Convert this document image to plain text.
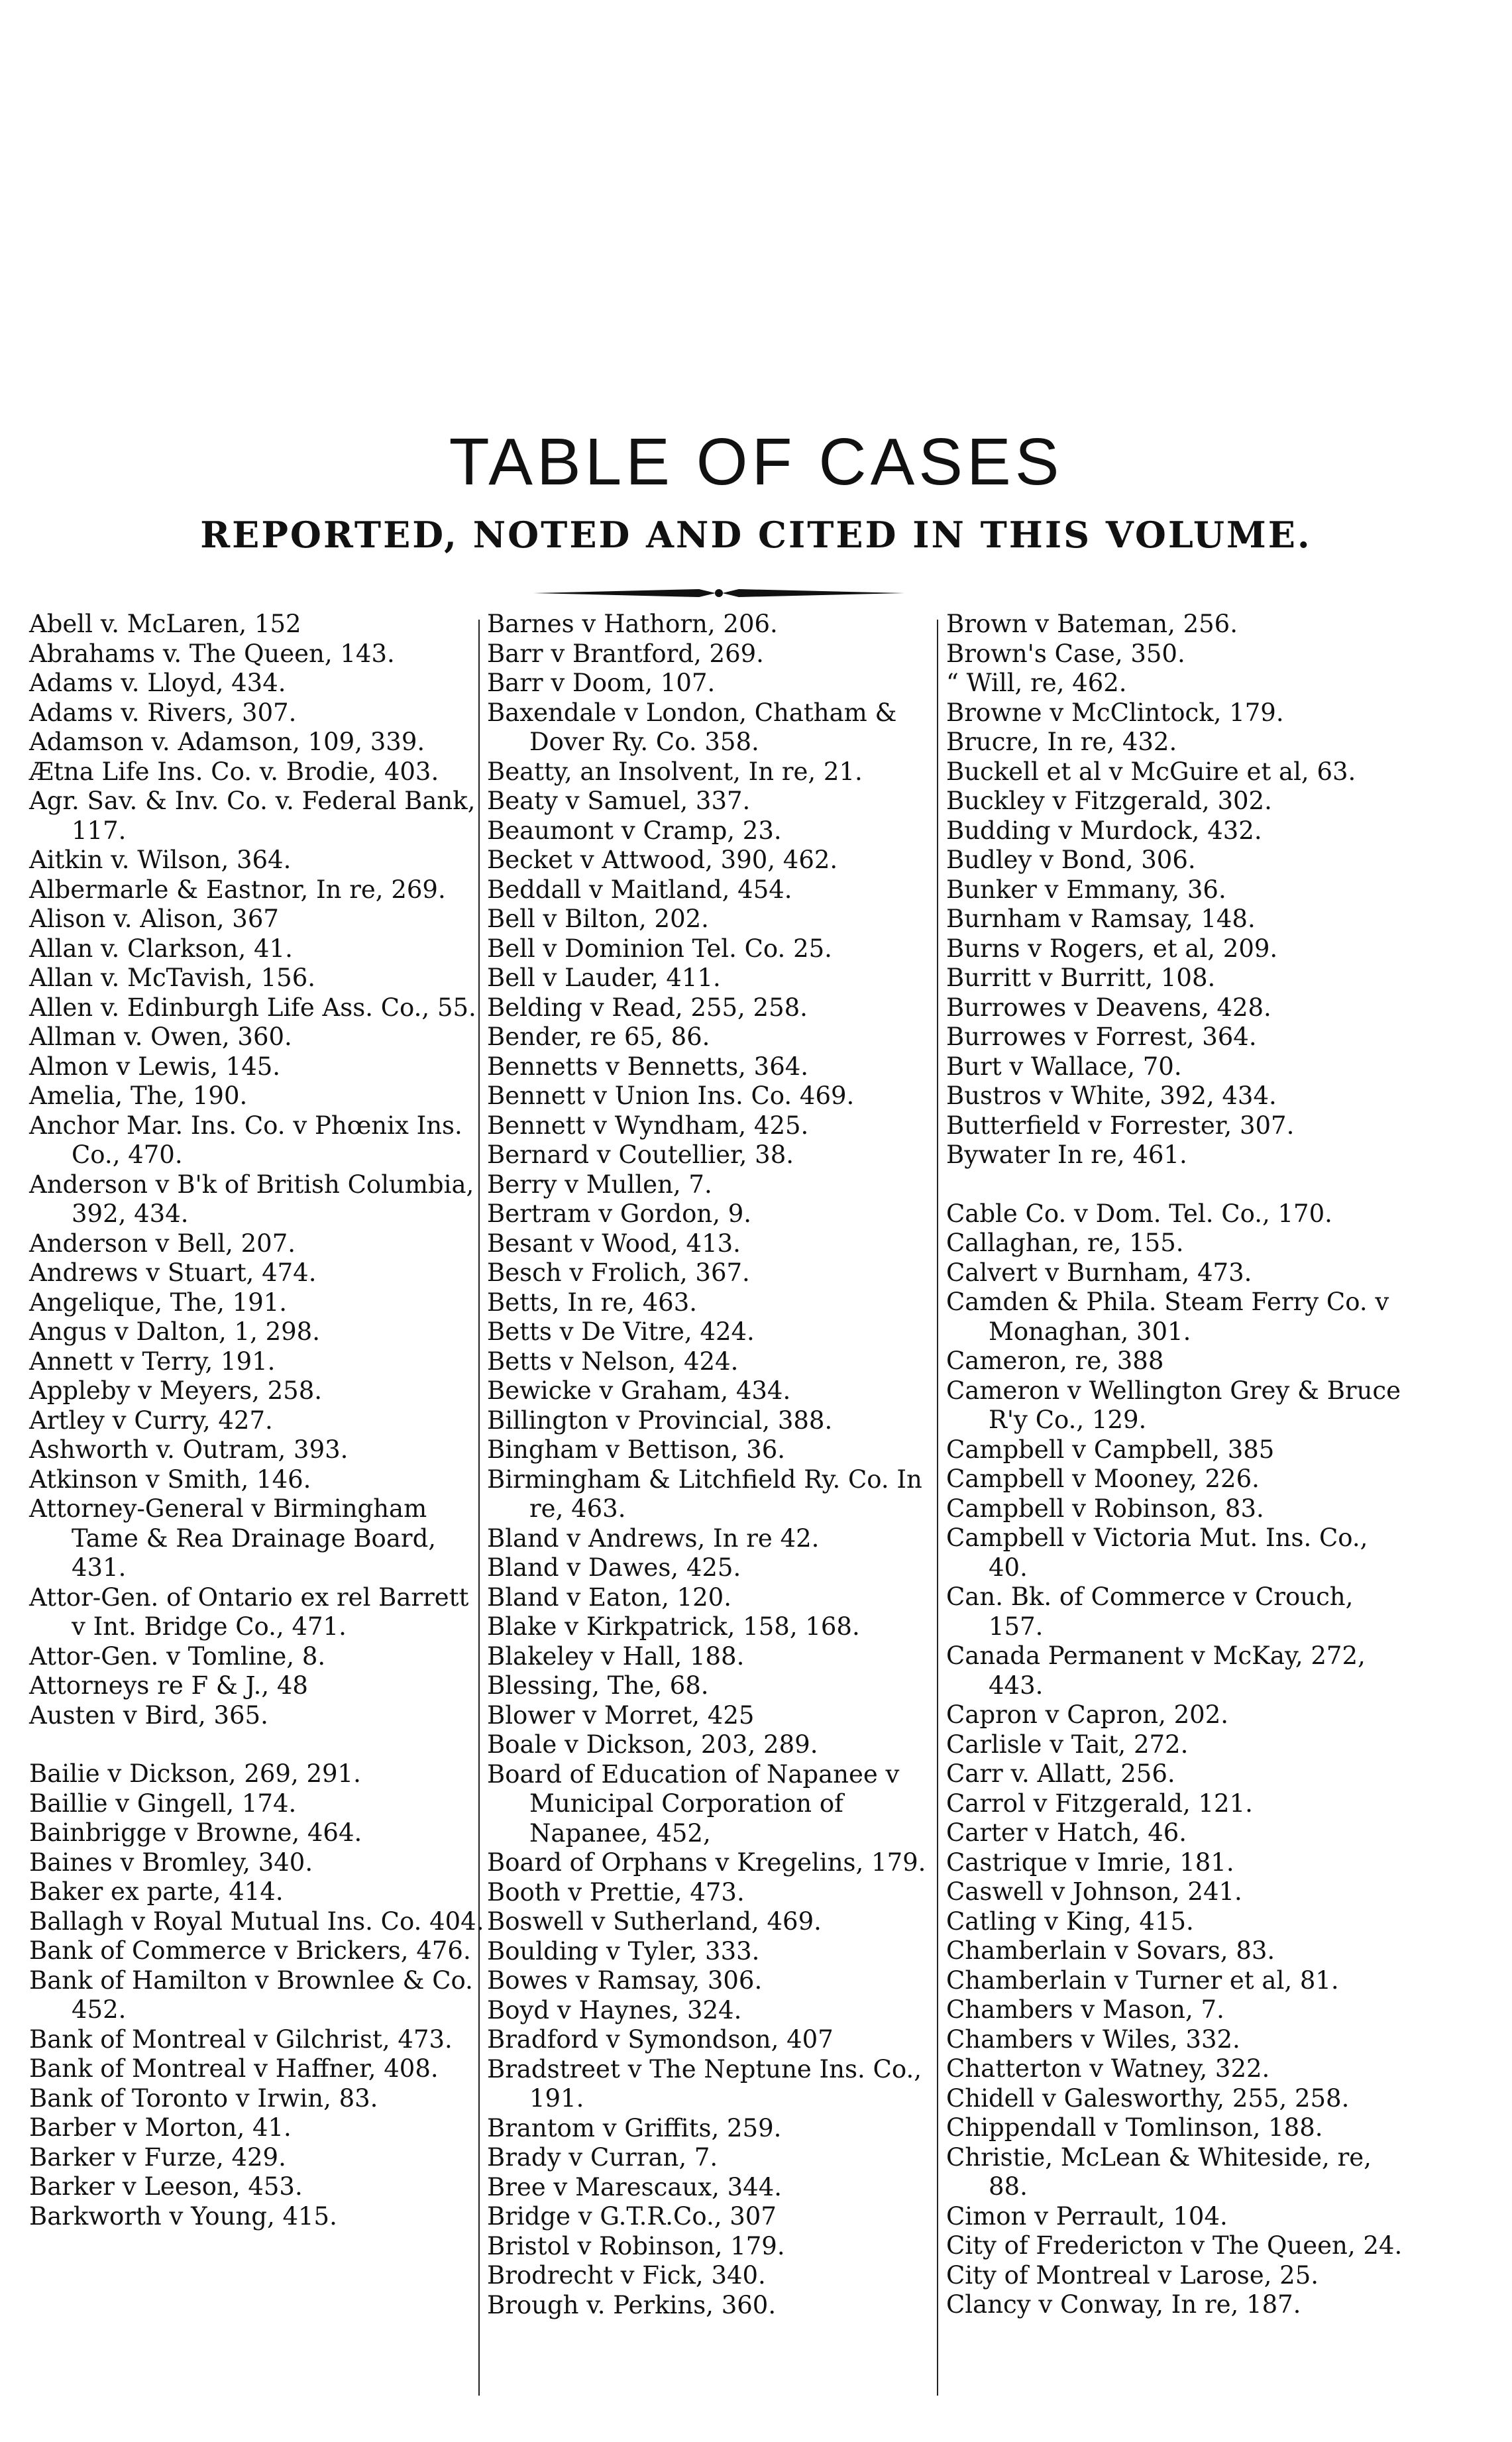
TABLE OF CASES
REPORTED, NOTED AND CITED IN THIS VOLUME.
Abell v. McLaren, 152
Abrahams v. The Queen, 143.
Adams v. Lloyd, 434.
Adams v. Rivers, 307.
Adamson v. Adamson, 109, 339.
Ætna Life Ins. Co. v. Brodie, 403.
Agr. Sav. & Inv. Co. v. Federal Bank, 117.
Aitkin v. Wilson, 364.
Albermarle & Eastnor, In re, 269.
Alison v. Alison, 367
Allan v. Clarkson, 41.
Allan v. McTavish, 156.
Allen v. Edinburgh Life Ass. Co., 55.
Allman v. Owen, 360.
Almon v Lewis, 145.
Amelia, The, 190.
Anchor Mar. Ins. Co. v Phœnix Ins. Co., 470.
Anderson v B'k of British Columbia, 392, 434.
Anderson v Bell, 207.
Andrews v Stuart, 474.
Angelique, The, 191.
Angus v Dalton, 1, 298.
Annett v Terry, 191.
Appleby v Meyers, 258.
Artley v Curry, 427.
Ashworth v. Outram, 393.
Atkinson v Smith, 146.
Attorney-General v Birmingham Tame & Rea Drainage Board, 431.
Attor-Gen. of Ontario ex rel Barrett v Int. Bridge Co., 471.
Attor-Gen. v Tomline, 8.
Attorneys re F & J., 48
Austen v Bird, 365.
Bailie v Dickson, 269, 291.
Baillie v Gingell, 174.
Bainbrigge v Browne, 464.
Baines v Bromley, 340.
Baker ex parte, 414.
Ballagh v Royal Mutual Ins. Co. 404.
Bank of Commerce v Brickers, 476.
Bank of Hamilton v Brownlee & Co. 452.
Bank of Montreal v Gilchrist, 473.
Bank of Montreal v Haffner, 408.
Bank of Toronto v Irwin, 83.
Barber v Morton, 41.
Barker v Furze, 429.
Barker v Leeson, 453.
Barkworth v Young, 415.
Barnes v Hathorn, 206.
Barr v Brantford, 269.
Barr v Doom, 107.
Baxendale v London, Chatham & Dover Ry. Co. 358.
Beatty, an Insolvent, In re, 21.
Beaty v Samuel, 337.
Beaumont v Cramp, 23.
Becket v Attwood, 390, 462.
Beddall v Maitland, 454.
Bell v Bilton, 202.
Bell v Dominion Tel. Co. 25.
Bell v Lauder, 411.
Belding v Read, 255, 258.
Bender, re 65, 86.
Bennetts v Bennetts, 364.
Bennett v Union Ins. Co. 469.
Bennett v Wyndham, 425.
Bernard v Coutellier, 38.
Berry v Mullen, 7.
Bertram v Gordon, 9.
Besant v Wood, 413.
Besch v Frolich, 367.
Betts, In re, 463.
Betts v De Vitre, 424.
Betts v Nelson, 424.
Bewicke v Graham, 434.
Billington v Provincial, 388.
Bingham v Bettison, 36.
Birmingham & Litchfield Ry. Co. In re, 463.
Bland v Andrews, In re 42.
Bland v Dawes, 425.
Bland v Eaton, 120.
Blake v Kirkpatrick, 158, 168.
Blakeley v Hall, 188.
Blessing, The, 68.
Blower v Morret, 425
Boale v Dickson, 203, 289.
Board of Education of Napanee v Municipal Corporation of Napanee, 452,
Board of Orphans v Kregelins, 179.
Booth v Prettie, 473.
Boswell v Sutherland, 469.
Boulding v Tyler, 333.
Bowes v Ramsay, 306.
Boyd v Haynes, 324.
Bradford v Symondson, 407
Bradstreet v The Neptune Ins. Co., 191.
Brantom v Griffits, 259.
Brady v Curran, 7.
Bree v Marescaux, 344.
Bridge v G.T.R.Co., 307
Bristol v Robinson, 179.
Brodrecht v Fick, 340.
Brough v. Perkins, 360.
Brown v Bateman, 256.
Brown's Case, 350.
“ Will, re, 462.
Browne v McClintock, 179.
Brucre, In re, 432.
Buckell et al v McGuire et al, 63.
Buckley v Fitzgerald, 302.
Budding v Murdock, 432.
Budley v Bond, 306.
Bunker v Emmany, 36.
Burnham v Ramsay, 148.
Burns v Rogers, et al, 209.
Burritt v Burritt, 108.
Burrowes v Deavens, 428.
Burrowes v Forrest, 364.
Burt v Wallace, 70.
Bustros v White, 392, 434.
Butterfield v Forrester, 307.
Bywater In re, 461.
Cable Co. v Dom. Tel. Co., 170.
Callaghan, re, 155.
Calvert v Burnham, 473.
Camden & Phila. Steam Ferry Co. v Monaghan, 301.
Cameron, re, 388
Cameron v Wellington Grey & Bruce R'y Co., 129.
Campbell v Campbell, 385
Campbell v Mooney, 226.
Campbell v Robinson, 83.
Campbell v Victoria Mut. Ins. Co., 40.
Can. Bk. of Commerce v Crouch, 157.
Canada Permanent v McKay, 272, 443.
Capron v Capron, 202.
Carlisle v Tait, 272.
Carr v. Allatt, 256.
Carrol v Fitzgerald, 121.
Carter v Hatch, 46.
Castrique v Imrie, 181.
Caswell v Johnson, 241.
Catling v King, 415.
Chamberlain v Sovars, 83.
Chamberlain v Turner et al, 81.
Chambers v Mason, 7.
Chambers v Wiles, 332.
Chatterton v Watney, 322.
Chidell v Galesworthy, 255, 258.
Chippendall v Tomlinson, 188.
Christie, McLean & Whiteside, re, 88.
Cimon v Perrault, 104.
City of Fredericton v The Queen, 24.
City of Montreal v Larose, 25.
Clancy v Conway, In re, 187.
